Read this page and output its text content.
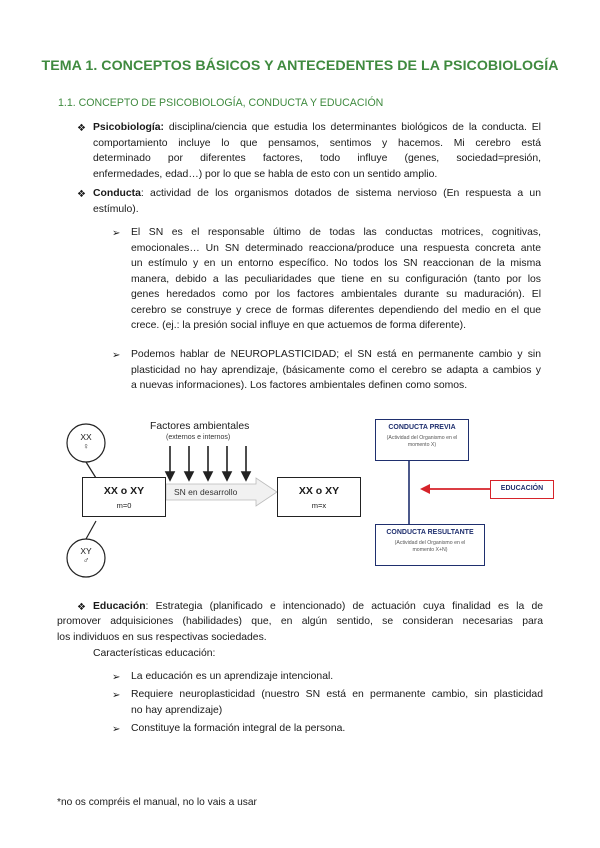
TEMA 1. CONCEPTOS BÁSICOS Y ANTECEDENTES DE LA PSICOBIOLOGÍA
1.1. CONCEPTO DE PSICOBIOLOGÍA, CONDUCTA Y EDUCACIÓN
❖ Psicobiología: disciplina/ciencia que estudia los determinantes biológicos de la conducta. El
comportamiento incluye lo que pensamos, sentimos y hacemos. Mi cerebro está
determinado por diferentes factores, todo influye (genes, sociedad=presión,
enfermedades, edad…) por lo que se habla de esto con un sentido amplio.
❖ Conducta: actividad de los organismos dotados de sistema nervioso (En respuesta a un
estímulo).
➢ El SN es el responsable último de todas las conductas motrices, cognitivas,
emocionales… Un SN determinado reacciona/produce una respuesta concreta ante
un estímulo y en un entorno específico. No todos los SN reaccionan de la misma
manera, debido a las peculiaridades que tiene en su configuración (tanto por los
genes heredados como por los factores ambientales durante su maduración). El
cerebro se construye y crece de formas diferentes dependiendo del medio en el que
crece. (ej.: la presión social influye en que actuemos de forma diferente).
➢ Podemos hablar de NEUROPLASTICIDAD; el SN está en permanente cambio y sin
plasticidad no hay aprendizaje, (básicamente como el cerebro se adapta a cambios y
a nuevas informaciones). Los factores ambientales definen como somos.
XX
♀
XY
♂
Factores ambientales
(externos e internos)
SN en desarrollo
XX o XY
m=0
XX o XY
m=x
CONDUCTA PREVIA
(Actividad del Organismo en el momento X)
EDUCACIÓN
CONDUCTA RESULTANTE
(Actividad del Organismo en el momento X+N)
❖ Educación: Estrategia (planificado e intencionado) de actuación cuya finalidad es la de
promover adquisiciones (habilidades) que, en algún sentido, se consideran necesarias para
los individuos en sus respectivas sociedades.
Características educación:
➢ La educación es un aprendizaje intencional.
➢ Requiere neuroplasticidad (nuestro SN está en permanente cambio, sin plasticidad
no hay aprendizaje)
➢ Constituye la formación integral de la persona.
*no os compréis el manual, no lo vais a usar
